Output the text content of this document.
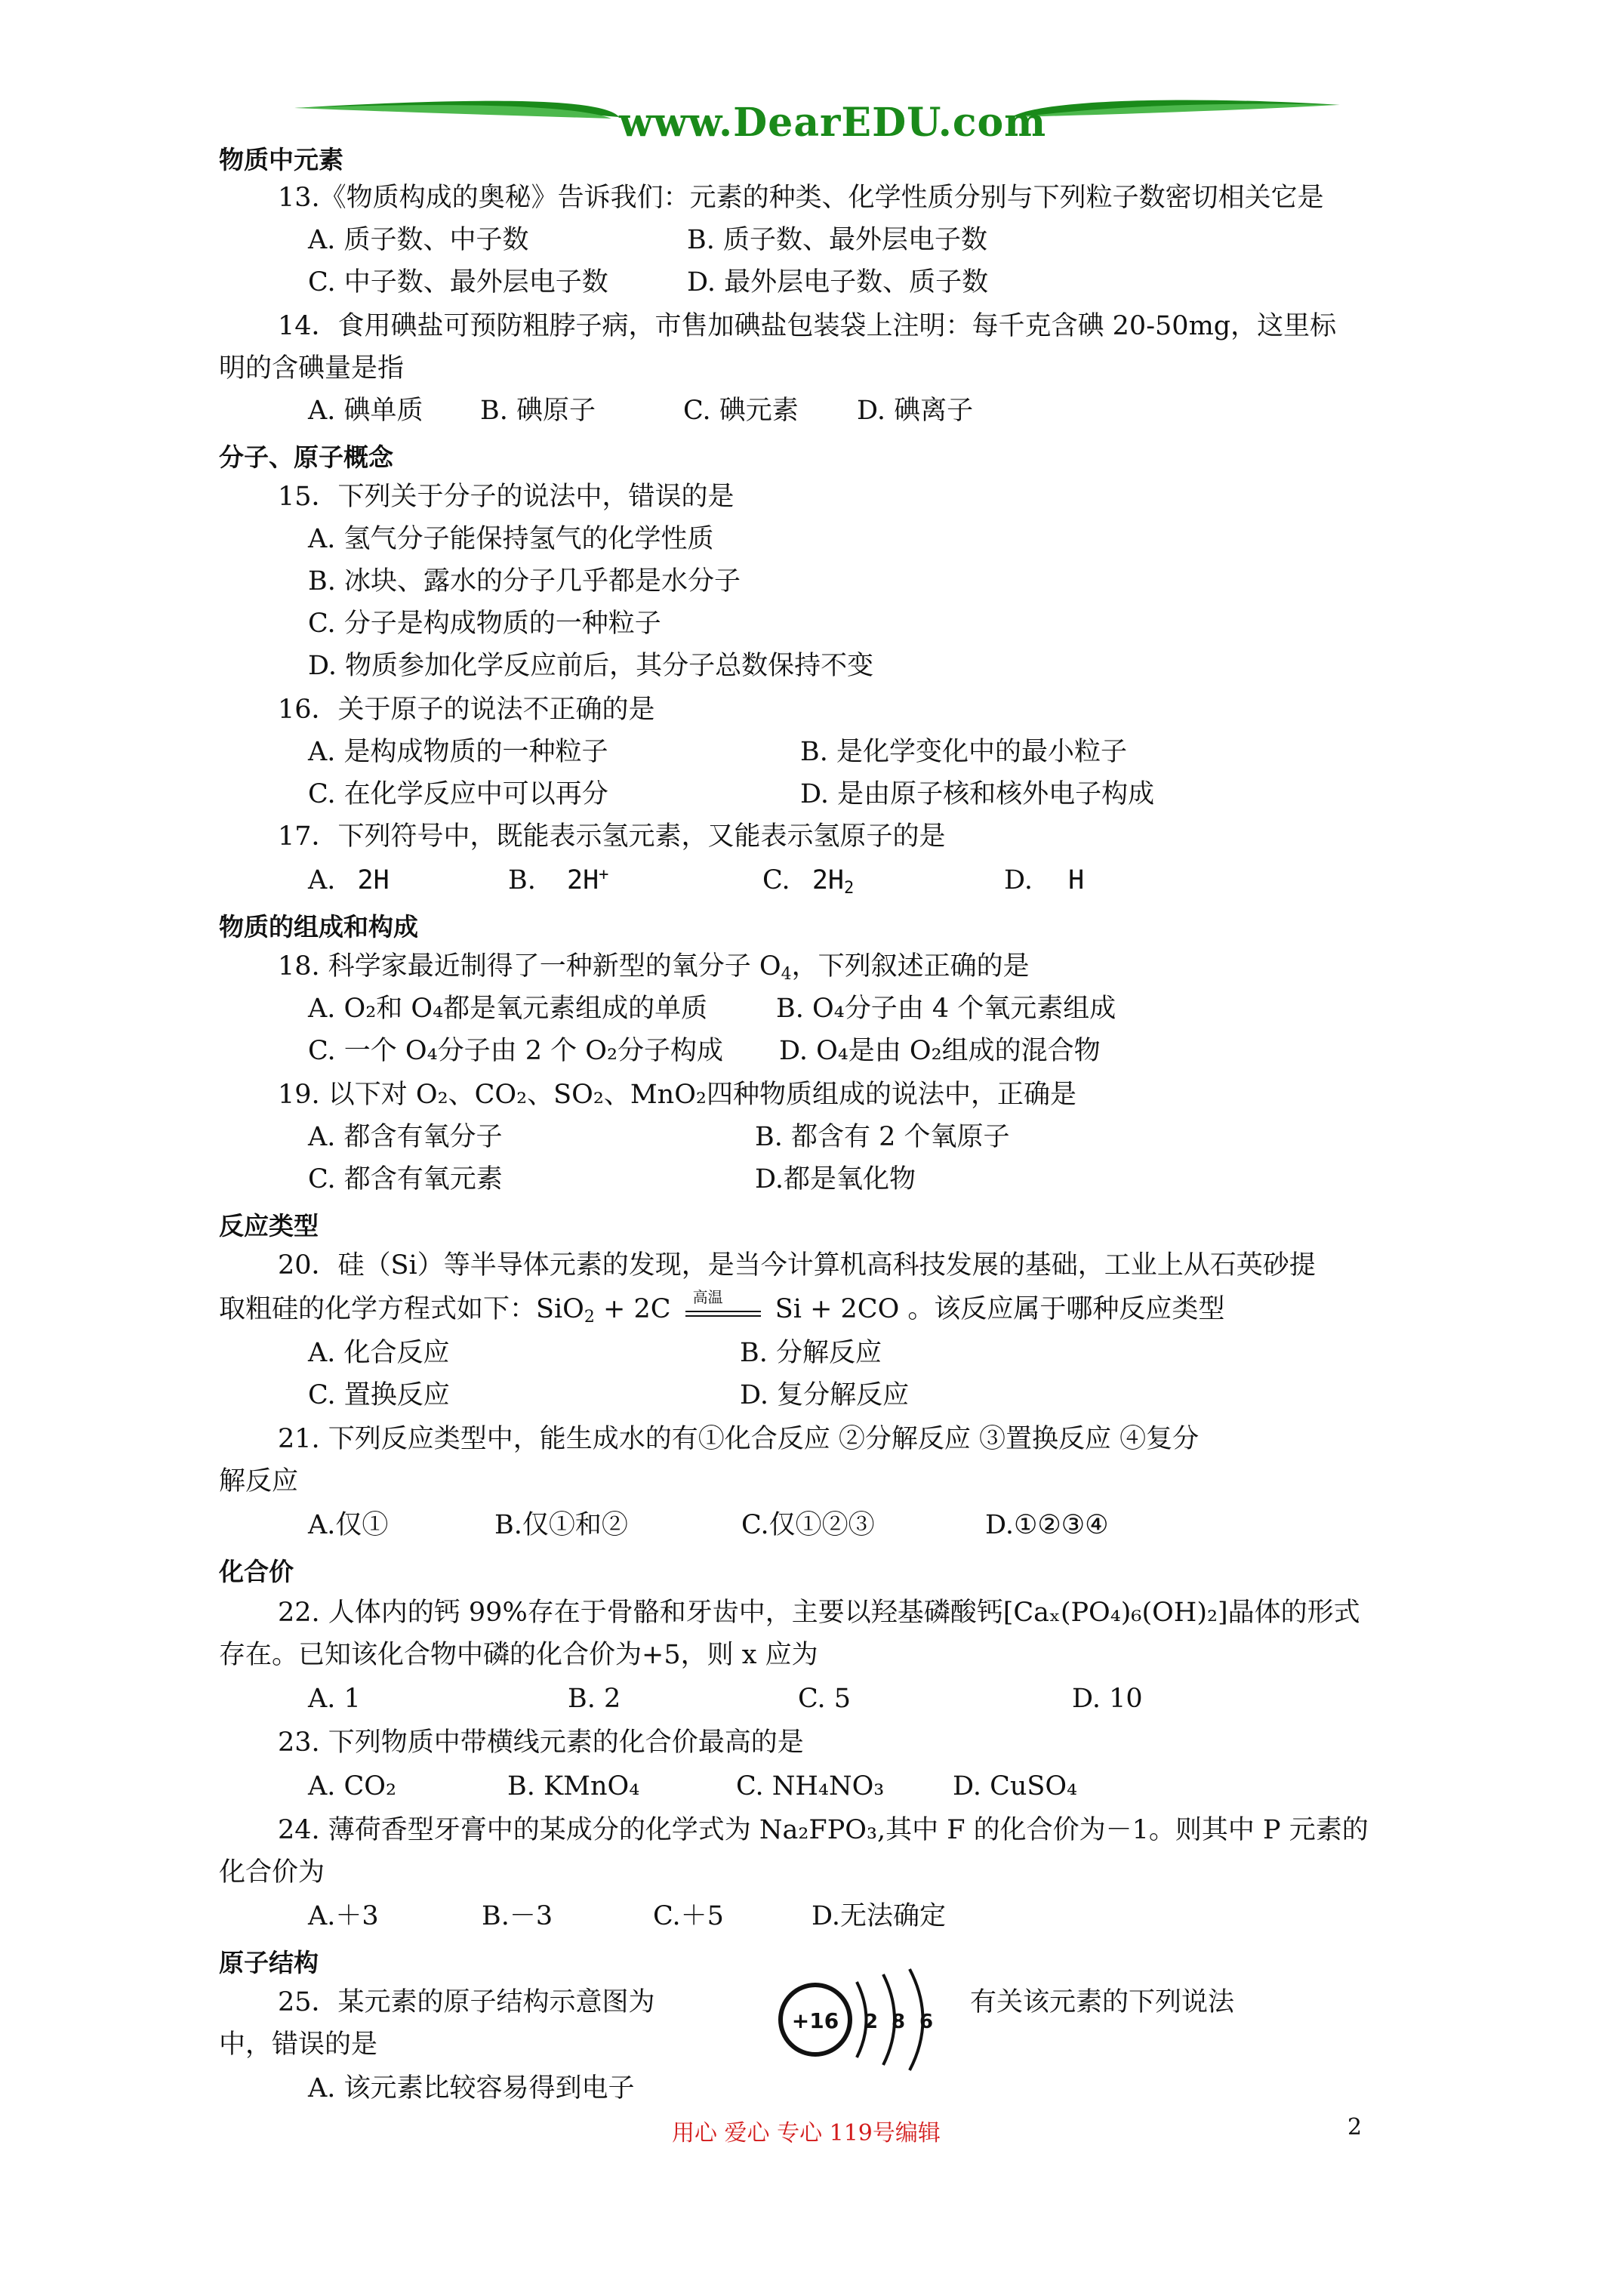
www.DearEDU.com
物质中元素
13.《物质构成的奥秘》告诉我们：元素的种类、化学性质分别与下列粒子数密切相关它是
A. 质子数、中子数	B. 质子数、最外层电子数
C. 中子数、最外层电子数	D. 最外层电子数、质子数
14．食用碘盐可预防粗脖子病，市售加碘盐包装袋上注明：每千克含碘 20-50mg，这里标
明的含碘量是指
A. 碘单质 B. 碘原子	C. 碘元素 D. 碘离子
分子、原子概念
15．下列关于分子的说法中，错误的是
A. 氢气分子能保持氢气的化学性质
B. 冰块、露水的分子几乎都是水分子
C. 分子是构成物质的一种粒子
D. 物质参加化学反应前后，其分子总数保持不变
16．关于原子的说法不正确的是
A. 是构成物质的一种粒子	B. 是化学变化中的最小粒子
C. 在化学反应中可以再分	D. 是由原子核和核外电子构成
17．下列符号中，既能表示氢元素，又能表示氢原子的是
A. 2H	B. 2H+	C. $2H_2$	D. H
物质的组成和构成
18. 科学家最近制得了一种新型的氧分子 $O_4$，下列叙述正确的是
A. O₂和 O₄都是氧元素组成的单质	B. O₄分子由 4 个氧元素组成
C. 一个 O₄分子由 2 个 O₂分子构成 D. O₄是由 O₂组成的混合物
19. 以下对 O₂、CO₂、SO₂、MnO₂四种物质组成的说法中，正确是
A. 都含有氧分子	B. 都含有 2 个氧原子
C. 都含有氧元素	D.都是氧化物
反应类型
20．硅（Si）等半导体元素的发现，是当今计算机高科技发展的基础，工业上从石英砂提
取粗硅的化学方程式如下：SiO$_2$ + 2C 高温 Si + 2CO 。该反应属于哪种反应类型
A. 化合反应	B. 分解反应
C. 置换反应	D. 复分解反应
21. 下列反应类型中，能生成水的有①化合反应 ②分解反应 ③置换反应 ④复分
解反应
A.仅①	B.仅①和②	C.仅①②③	D.①②③④
化合价
22. 人体内的钙 99%存在于骨骼和牙齿中，主要以羟基磷酸钙[Caₓ(PO₄)₆(OH)₂]晶体的形式
存在。已知该化合物中磷的化合价为+5，则 x 应为
A. 1	B. 2	C. 5	D. 10
23. 下列物质中带横线元素的化合价最高的是
A. CO₂	B. KMnO₄	C. NH₄NO₃	D. CuSO₄
24. 薄荷香型牙膏中的某成分的化学式为 Na₂FPO₃,其中 F 的化合价为－1。则其中 P 元素的
化合价为
A.＋3	B.－3	C.＋5	D.无法确定
原子结构
25．某元素的原子结构示意图为
+16 2 8 6
有关该元素的下列说法
中，错误的是
A. 该元素比较容易得到电子
用心 爱心 专心 119号编辑	2
